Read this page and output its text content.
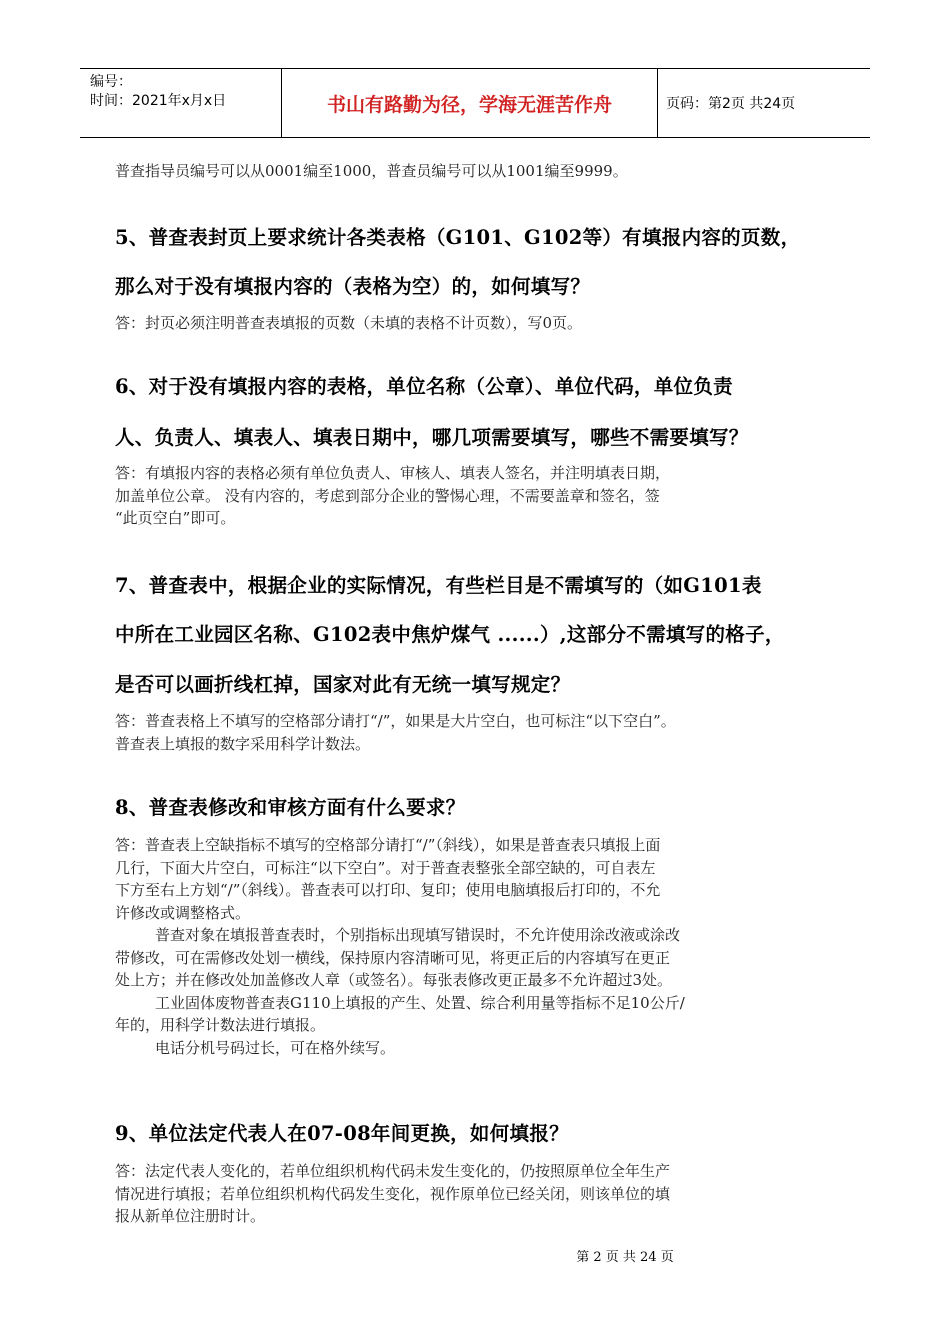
编号：
时间：2021年x月x日	书山有路勤为径，学海无涯苦作舟	页码：第2页 共24页

普查指导员编号可以从0001编至1000，普查员编号可以从1001编至9999。

5、普查表封页上要求统计各类表格（G101、G102等）有填报内容的页数，

那么对于没有填报内容的（表格为空）的，如何填写？

答：封页必须注明普查表填报的页数（未填的表格不计页数），写0页。

6、对于没有填报内容的表格，单位名称（公章）、单位代码，单位负责

人、负责人、填表人、填表日期中，哪几项需要填写，哪些不需要填写？

答：有填报内容的表格必须有单位负责人、审核人、填表人签名，并注明填表日期，

加盖单位公章。 没有内容的，考虑到部分企业的警惕心理，不需要盖章和签名，签

“此页空白”即可。

7、普查表中，根据企业的实际情况，有些栏目是不需填写的（如G101表

中所在工业园区名称、G102表中焦炉煤气 ......）,这部分不需填写的格子，

是否可以画折线杠掉，国家对此有无统一填写规定？

答：普查表格上不填写的空格部分请打“/”，如果是大片空白，也可标注“以下空白”。

普查表上填报的数字采用科学计数法。

8、普查表修改和审核方面有什么要求？

答：普查表上空缺指标不填写的空格部分请打“/”（斜线），如果是普查表只填报上面

几行，下面大片空白，可标注“以下空白”。对于普查表整张全部空缺的，可自表左

下方至右上方划“/”（斜线）。普查表可以打印、复印；使用电脑填报后打印的，不允

许修改或调整格式。

普查对象在填报普查表时，个别指标出现填写错误时，不允许使用涂改液或涂改

带修改，可在需修改处划一横线，保持原内容清晰可见，将更正后的内容填写在更正

处上方；并在修改处加盖修改人章（或签名）。每张表修改更正最多不允许超过3处。

工业固体废物普查表G110上填报的产生、处置、综合利用量等指标不足10公斤/

年的，用科学计数法进行填报。

电话分机号码过长，可在格外续写。

9、单位法定代表人在07-08年间更换，如何填报？

答：法定代表人变化的，若单位组织机构代码未发生变化的，仍按照原单位全年生产

情况进行填报；若单位组织机构代码发生变化，视作原单位已经关闭，则该单位的填

报从新单位注册时计。

第 2 页 共 24 页
